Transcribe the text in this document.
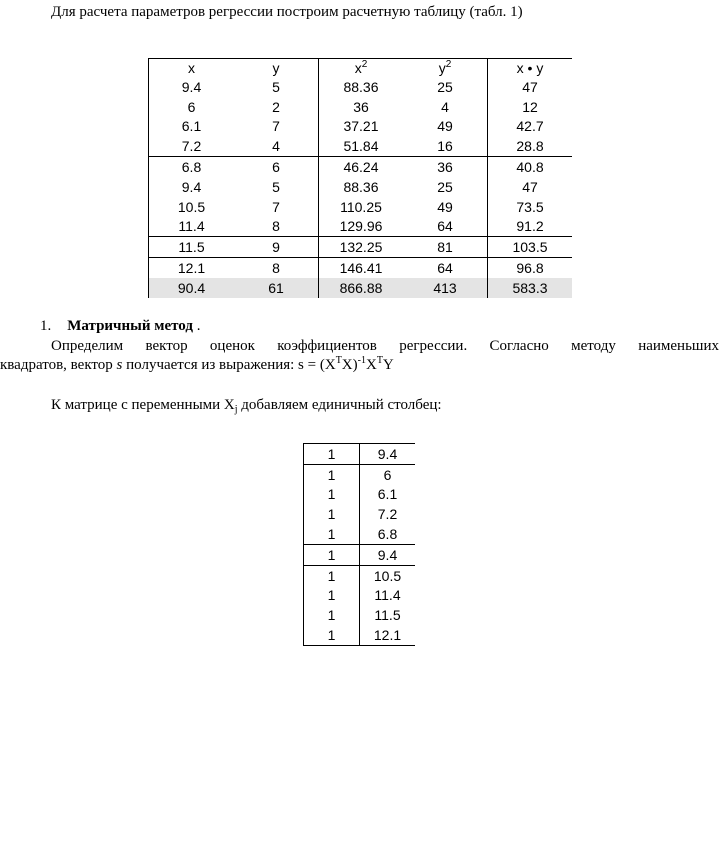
Для расчета параметров регрессии построим расчетную таблицу (табл. 1)
x	y	$x^2$	$y^2$	x • y
9.4	5	88.36	25	47
6	2	36	4	12
6.1	7	37.21	49	42.7
7.2	4	51.84	16	28.8
6.8	6	46.24	36	40.8
9.4	5	88.36	25	47
10.5	7	110.25	49	73.5
11.4	8	129.96	64	91.2
11.5	9	132.25	81	103.5
12.1	8	146.41	64	96.8
90.4	61	866.88	413	583.3
1. Матричный метод .
Определим вектор оценок коэффициентов регрессии. Согласно методу наименьших
квадратов, вектор s получается из выражения: $s = (X^TX)^{-1}X^TY$
К матрице с переменными $X_j$ добавляем единичный столбец:
1	9.4
1	6
1	6.1
1	7.2
1	6.8
1	9.4
1	10.5
1	11.4
1	11.5
1	12.1
